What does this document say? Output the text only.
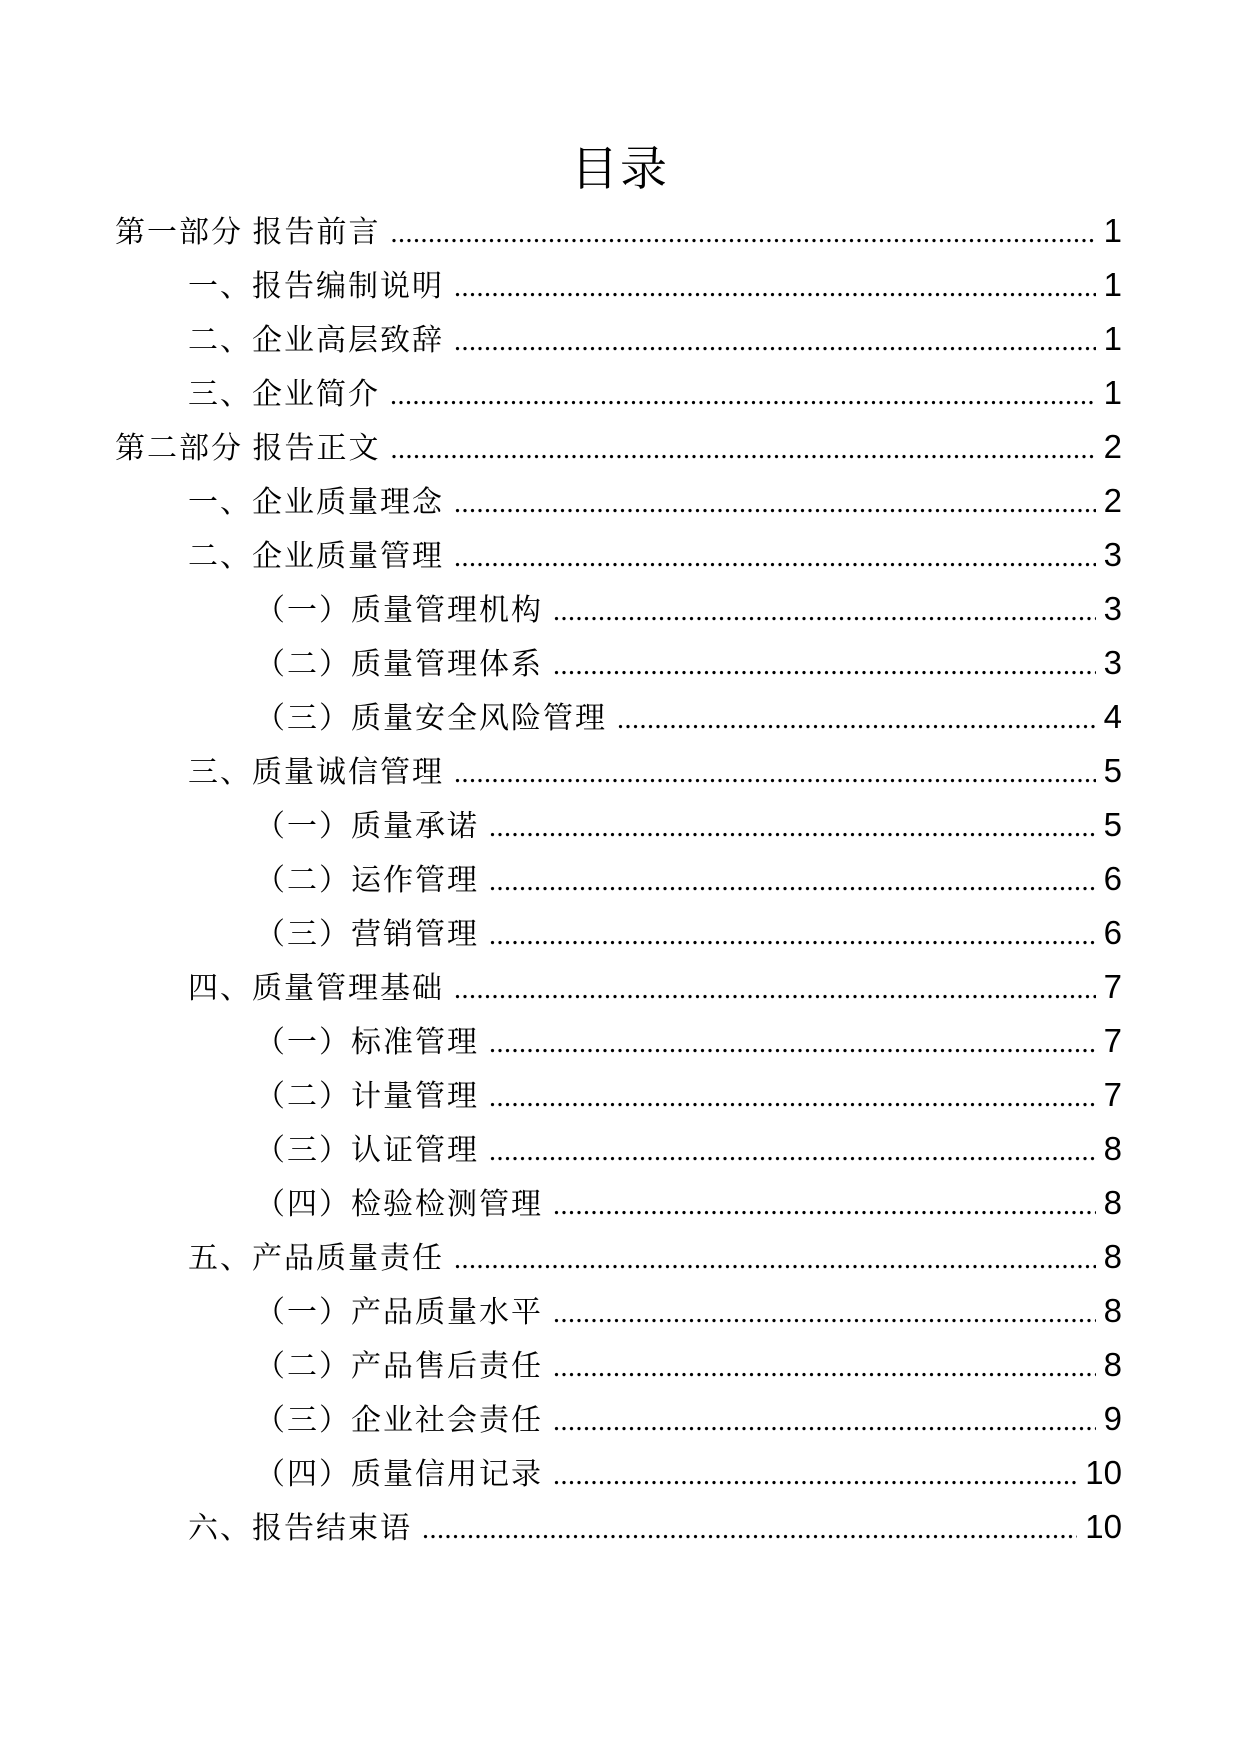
目录
第一部分 报告前言 .....	1
一、报告编制说明 .....	1
二、企业高层致辞 .....	1
三、企业简介 .....	1
第二部分 报告正文 .....	2
一、企业质量理念 .....	2
二、企业质量管理 .....	3
（一）质量管理机构 .....	3
（二）质量管理体系 .....	3
（三）质量安全风险管理 .....	4
三、质量诚信管理 .....	5
（一）质量承诺 .....	5
（二）运作管理 .....	6
（三）营销管理 .....	6
四、质量管理基础 .....	7
（一）标准管理 .....	7
（二）计量管理 .....	7
（三）认证管理 .....	8
（四）检验检测管理 .....	8
五、产品质量责任 .....	8
（一）产品质量水平 .....	8
（二）产品售后责任 .....	8
（三）企业社会责任 .....	9
（四）质量信用记录 .....	10
六、报告结束语 .....	10
